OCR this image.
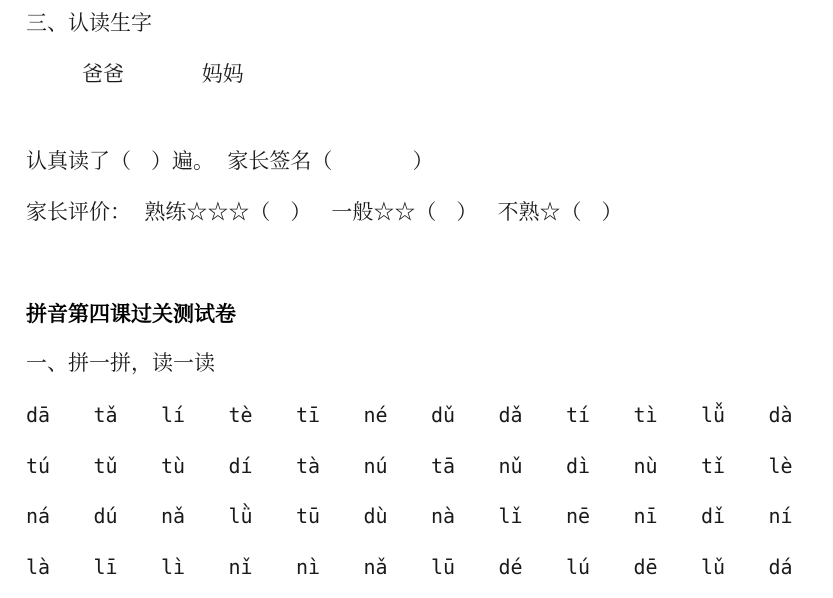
三、认读生字

爸爸	妈妈

认真读了（   ）遍。  家长签名（            ）

家长评价：  熟练☆☆☆（   ）   一般☆☆（   ）   不熟☆（   ）

拼音第四课过关测试卷

一、拼一拼，读一读

dā	tǎ	lí	tè	tī	né	dǔ	dǎ	tí	tì	lǚ	dà
tú	tǔ	tù	dí	tà	nú	tā	nǔ	dì	nù	tǐ	lè
ná	dú	nǎ	lǜ	tū	dù	nà	lǐ	nē	nī	dǐ	ní
là	lī	lì	nǐ	nì	nǎ	lū	dé	lú	dē	lǔ	dá
